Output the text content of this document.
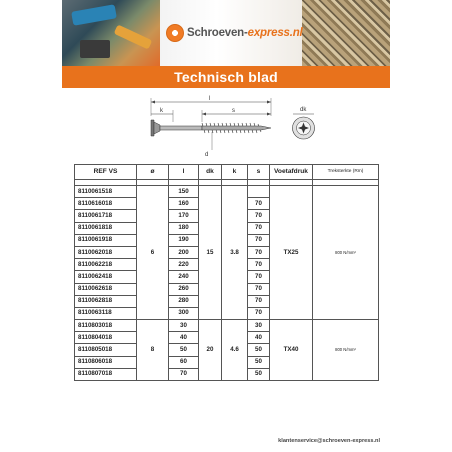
Schroeven-express.nl
Technisch blad
l
k	s
d
dk
REF VS	ø	l	dk	k	s	Voetafdruk	Treksterkte (Rm)

8110061518	6	150	15	3.8		TX25	800 N/mm²
8110616018		160			70		
8110061718		170			70		
8110061818		180			70		
8110061918		190			70		
8110062018		200			70		
8110062218		220			70		
8110062418		240			70		
8110062618		260			70		
8110062818		280			70		
8110063118		300			70		
8110803018	8	30	20	4.6	30	TX40	800 N/mm²
8110804018		40			40		
8110805018		50			50		
8110806018		60			50		
8110807018		70			50		
klantenservice@schroeven-express.nl
